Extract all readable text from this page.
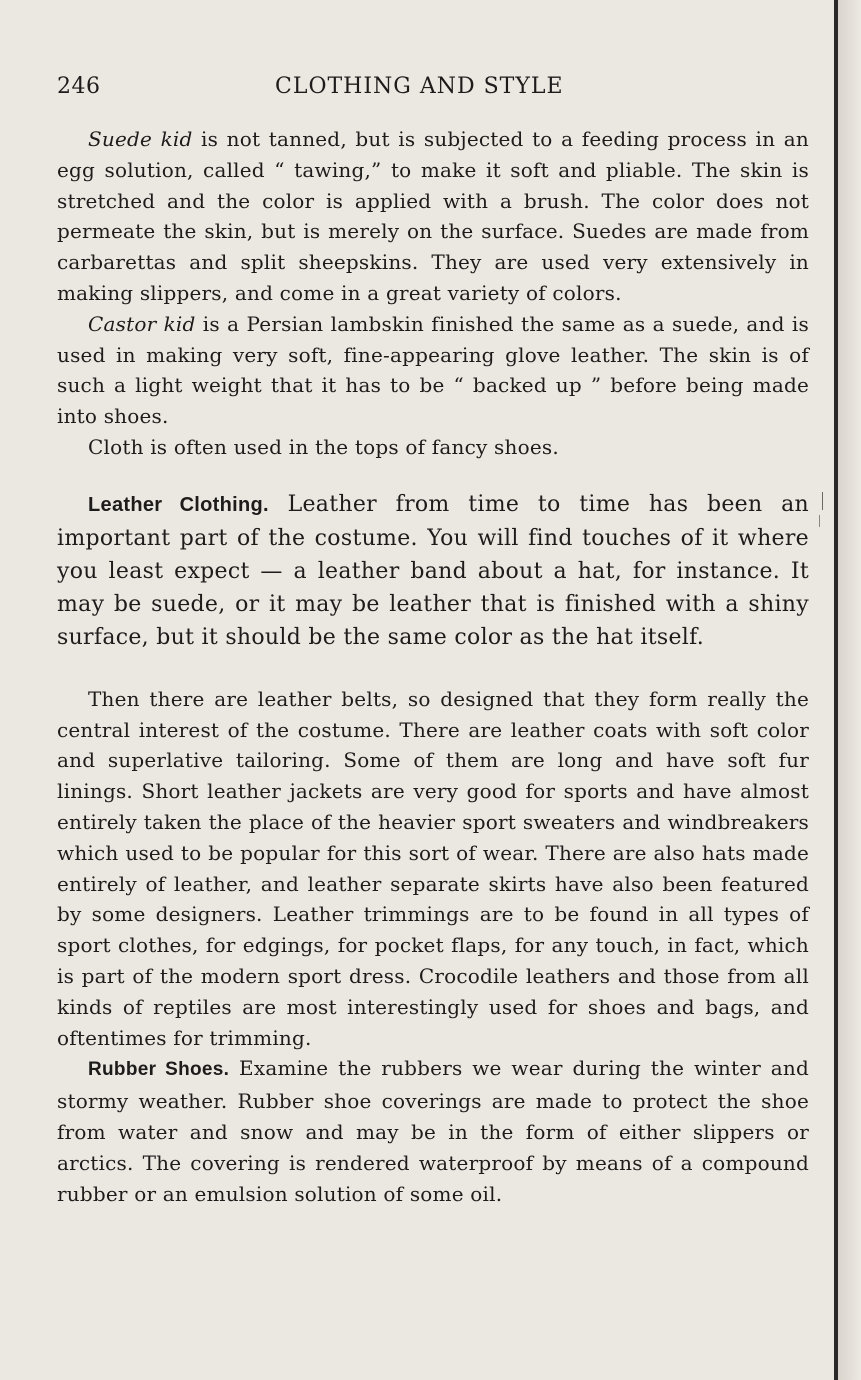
246	CLOTHING AND STYLE

Suede kid is not tanned, but is subjected to a feeding process in an egg solution, called “ tawing,” to make it soft and pliable. The skin is stretched and the color is applied with a brush. The color does not permeate the skin, but is merely on the surface. Suedes are made from carbarettas and split sheepskins. They are used very extensively in making slippers, and come in a great variety of colors.

Castor kid is a Persian lambskin finished the same as a suede, and is used in making very soft, fine-appearing glove leather. The skin is of such a light weight that it has to be “ backed up ” before being made into shoes.

Cloth is often used in the tops of fancy shoes.

Leather Clothing. Leather from time to time has been an important part of the costume. You will find touches of it where you least expect — a leather band about a hat, for instance. It may be suede, or it may be leather that is finished with a shiny surface, but it should be the same color as the hat itself.

Then there are leather belts, so designed that they form really the central interest of the costume. There are leather coats with soft color and superlative tailoring. Some of them are long and have soft fur linings. Short leather jackets are very good for sports and have almost entirely taken the place of the heavier sport sweaters and windbreakers which used to be popular for this sort of wear. There are also hats made entirely of leather, and leather separate skirts have also been featured by some designers. Leather trimmings are to be found in all types of sport clothes, for edgings, for pocket flaps, for any touch, in fact, which is part of the modern sport dress. Crocodile leathers and those from all kinds of reptiles are most interestingly used for shoes and bags, and oftentimes for trimming.

Rubber Shoes. Examine the rubbers we wear during the winter and stormy weather. Rubber shoe coverings are made to protect the shoe from water and snow and may be in the form of either slippers or arctics. The covering is rendered waterproof by means of a compound rubber or an emulsion solution of some oil.
